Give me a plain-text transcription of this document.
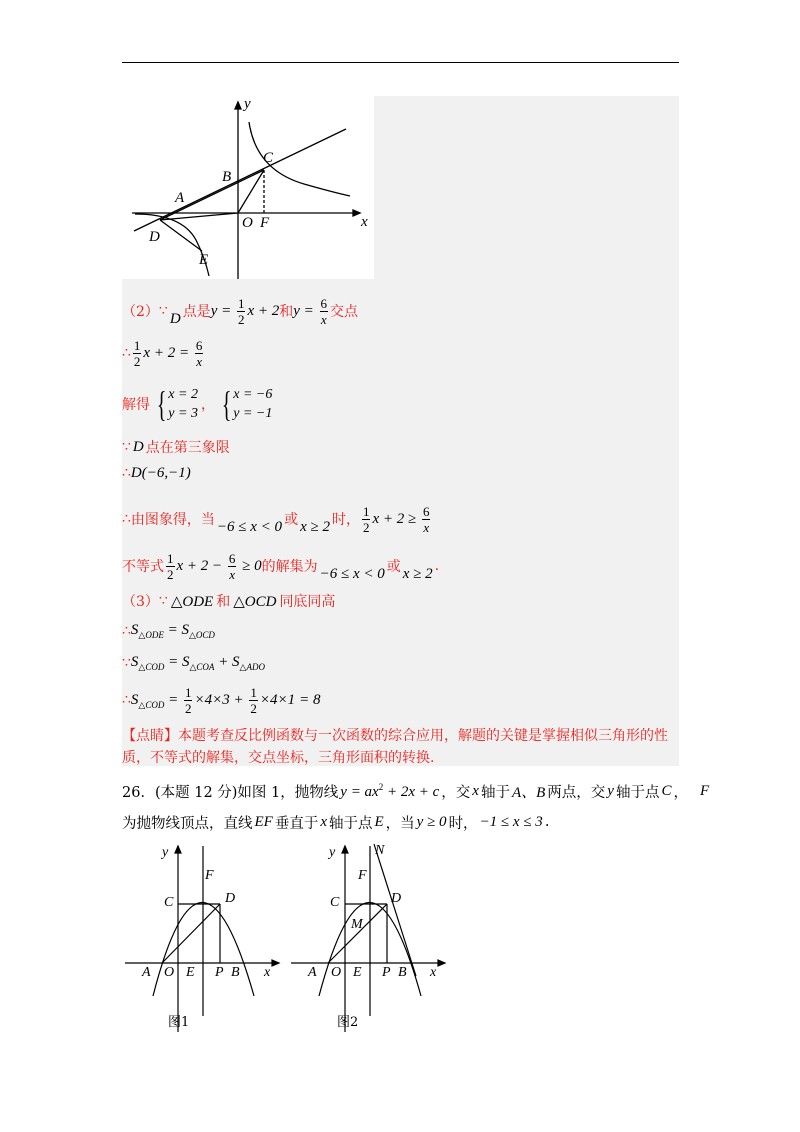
y
x
A
B
C
D
E
O F
（2） ∵ D 点是 $y = \frac{1}{2}$ x + 2 和 $y = \frac{6}{x}$ 交点
∴ $\frac{1}{2}$ $x + 2 = \frac{6}{x}$
解得 { x = 2
y = 3
， { x = −6
y = −1
∵ D 点在第三象限
∴ D(−6,−1)
∴ 由图象得，当 −6 ≤ x < 0 或 x ≥ 2 时， $\frac{1}{2}$ $x + 2 \ge \frac{6}{x}$
不等式 $\frac{1}{2}$ $x + 2 - \frac{6}{x} \ge 0$ 的解集为 −6 ≤ x < 0 或 x ≥ 2 .
（3） ∵ △ODE 和 △OCD 同底同高
∴ $S_{\triangle ODE} = S_{\triangle OCD}$
∵ $S_{\triangle COD} = S_{\triangle COA} + S_{\triangle ADO}$
∴ $S_{\triangle COD} = \frac{1}{2} \times 4\times 3 + \frac{1}{2} \times 4\times 1 = 8$
【点睛】本题考查反比例函数与一次函数的综合应用，解题的关键是掌握相似三角形的性质，不等式的解集，交点坐标，三角形面积的转换.
26．(本题 12 分)如图 1，抛物线 $y = ax^2 + 2x + c$ ，交 x 轴于 A、B 两点，交 y 轴于点 C ， F
为抛物线顶点，直线 EF 垂直于 x 轴于点 E ，当 y ≥ 0 时， −1 ≤ x ≤ 3 .
y
x
F
C	D
A O E P B
图1
y
x
N
F
C
M
D
A O E P B
图2
